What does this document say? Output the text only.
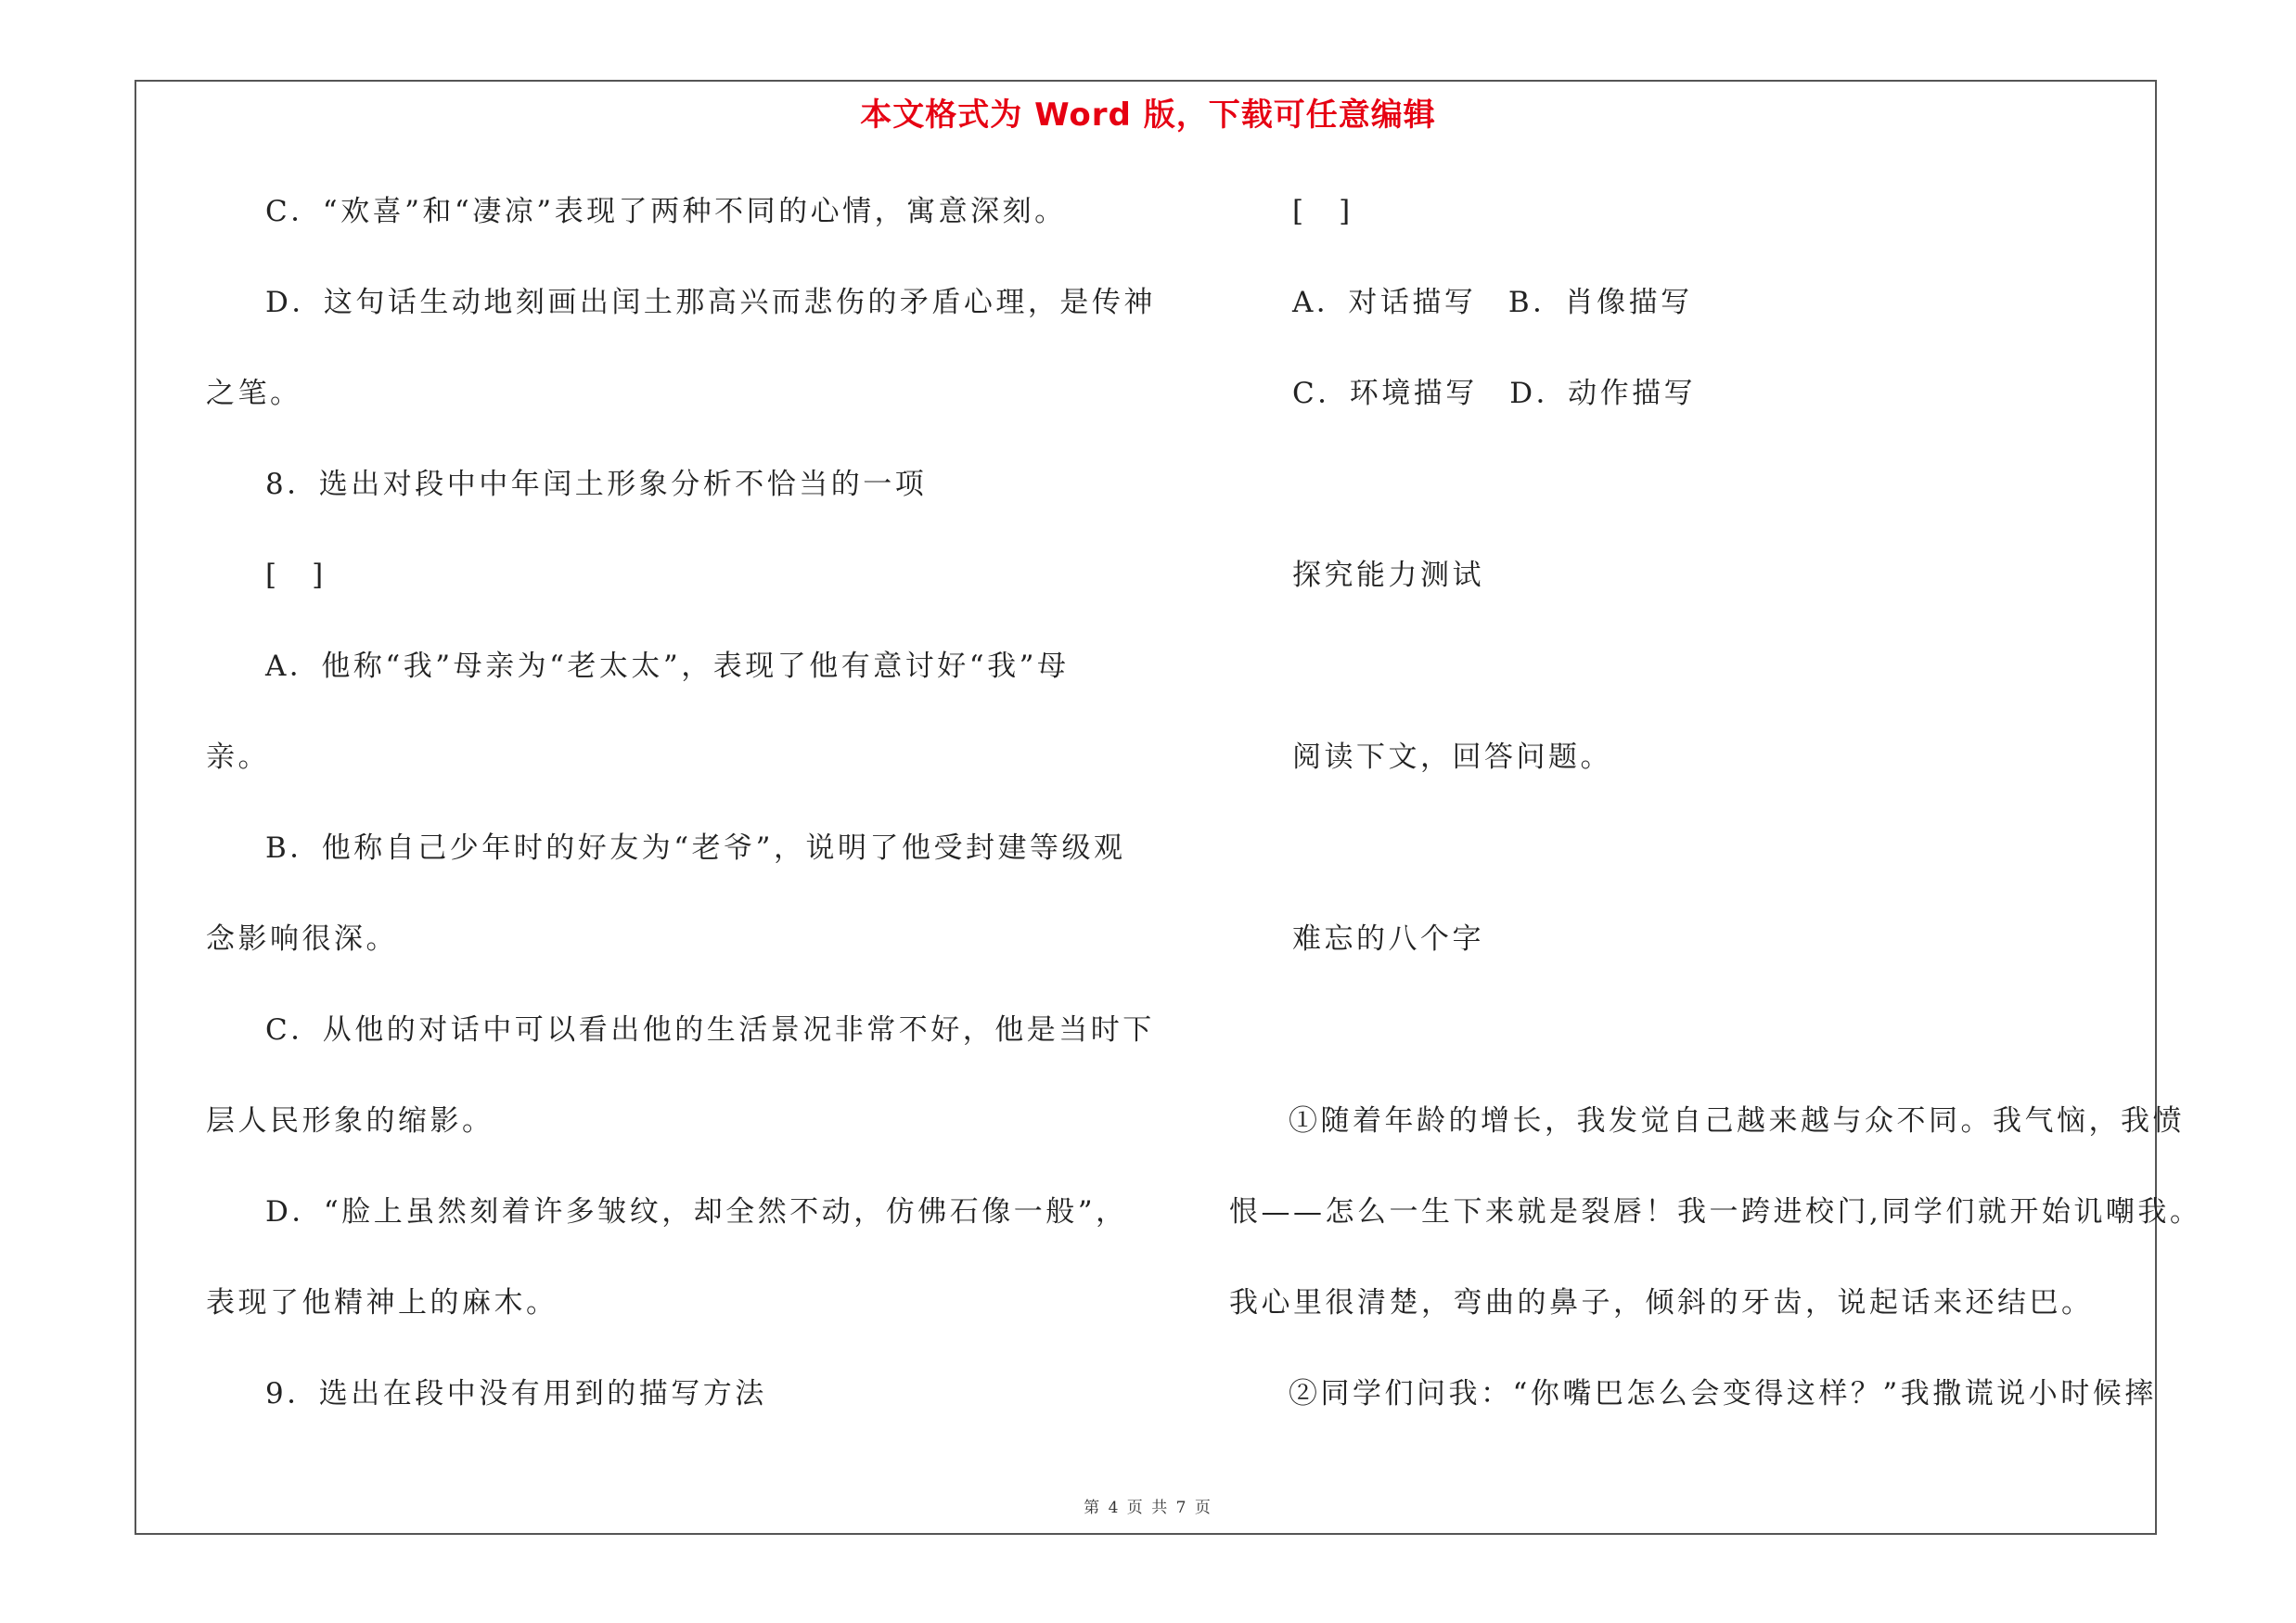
本文格式为 Word 版，下载可任意编辑
C．“欢喜”和“凄凉”表现了两种不同的心情，寓意深刻。
D．这句话生动地刻画出闰土那高兴而悲伤的矛盾心理，是传神
之笔。
8．选出对段中中年闰土形象分析不恰当的一项
[　]
A．他称“我”母亲为“老太太”，表现了他有意讨好“我”母
亲。
B．他称自己少年时的好友为“老爷”，说明了他受封建等级观
念影响很深。
C．从他的对话中可以看出他的生活景况非常不好，他是当时下
层人民形象的缩影。
D．“脸上虽然刻着许多皱纹，却全然不动，仿佛石像一般”，
表现了他精神上的麻木。
9．选出在段中没有用到的描写方法
[　]
A．对话描写　B．肖像描写
C．环境描写　D．动作描写
探究能力测试
阅读下文，回答问题。
难忘的八个字
①随着年龄的增长，我发觉自己越来越与众不同。我气恼，我愤
恨——怎么一生下来就是裂唇！我一跨进校门,同学们就开始讥嘲我。
我心里很清楚，弯曲的鼻子，倾斜的牙齿，说起话来还结巴。
②同学们问我：“你嘴巴怎么会变得这样？”我撒谎说小时候摔
第 4 页 共 7 页
